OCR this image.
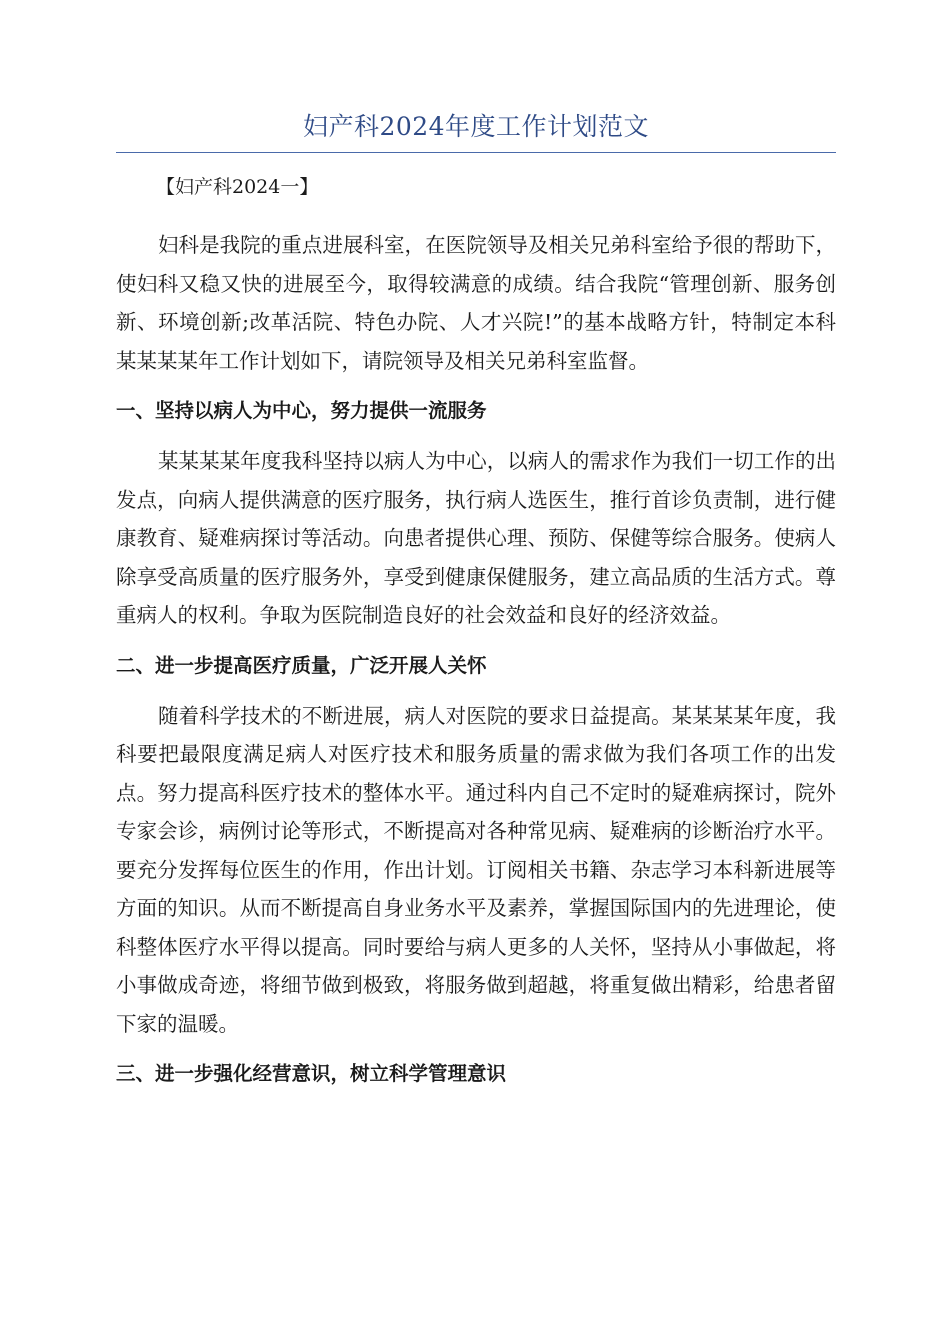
妇产科2024年度工作计划范文

【妇产科2024一】

妇科是我院的重点进展科室，在医院领导及相关兄弟科室给予很的帮助下，使妇科又稳又快的进展至今，取得较满意的成绩。结合我院“管理创新、服务创新、环境创新;改革活院、特色办院、人才兴院!”的基本战略方针，特制定本科某某某某年工作计划如下，请院领导及相关兄弟科室监督。

一、坚持以病人为中心，努力提供一流服务

某某某某年度我科坚持以病人为中心，以病人的需求作为我们一切工作的出发点，向病人提供满意的医疗服务，执行病人选医生，推行首诊负责制，进行健康教育、疑难病探讨等活动。向患者提供心理、预防、保健等综合服务。使病人除享受高质量的医疗服务外，享受到健康保健服务，建立高品质的生活方式。尊重病人的权利。争取为医院制造良好的社会效益和良好的经济效益。

二、进一步提高医疗质量，广泛开展人关怀

随着科学技术的不断进展，病人对医院的要求日益提高。某某某某年度，我科要把最限度满足病人对医疗技术和服务质量的需求做为我们各项工作的出发点。努力提高科医疗技术的整体水平。通过科内自己不定时的疑难病探讨，院外专家会诊，病例讨论等形式，不断提高对各种常见病、疑难病的诊断治疗水平。要充分发挥每位医生的作用，作出计划。订阅相关书籍、杂志学习本科新进展等方面的知识。从而不断提高自身业务水平及素养，掌握国际国内的先进理论，使科整体医疗水平得以提高。同时要给与病人更多的人关怀，坚持从小事做起，将小事做成奇迹，将细节做到极致，将服务做到超越，将重复做出精彩，给患者留下家的温暖。

三、进一步强化经营意识，树立科学管理意识
